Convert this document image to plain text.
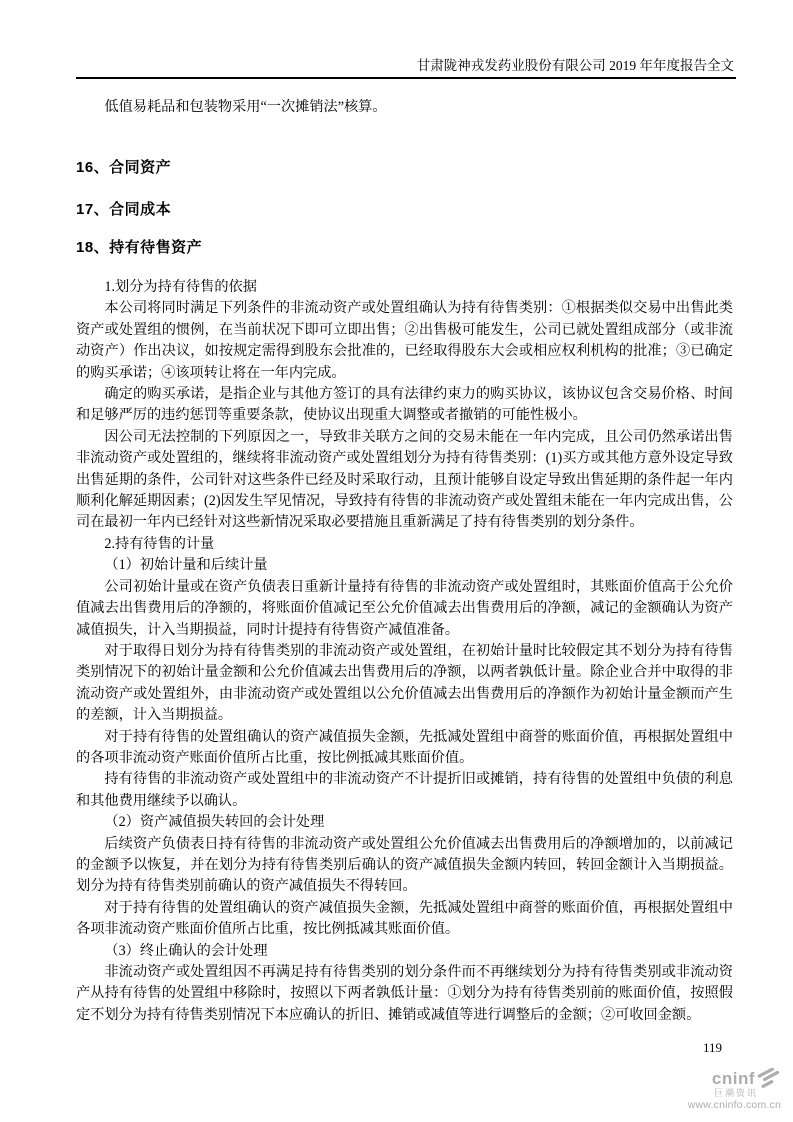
甘肃陇神戎发药业股份有限公司 2019 年年度报告全文

低值易耗品和包装物采用“一次摊销法”核算。

16、合同资产
17、合同成本
18、持有待售资产

1.划分为持有待售的依据

本公司将同时满足下列条件的非流动资产或处置组确认为持有待售类别：①根据类似交易中出售此类资产或处置组的惯例，在当前状况下即可立即出售；②出售极可能发生，公司已就处置组成部分（或非流动资产）作出决议，如按规定需得到股东会批准的，已经取得股东大会或相应权利机构的批准；③已确定的购买承诺；④该项转让将在一年内完成。

确定的购买承诺，是指企业与其他方签订的具有法律约束力的购买协议，该协议包含交易价格、时间和足够严厉的违约惩罚等重要条款，使协议出现重大调整或者撤销的可能性极小。

因公司无法控制的下列原因之一，导致非关联方之间的交易未能在一年内完成，且公司仍然承诺出售非流动资产或处置组的，继续将非流动资产或处置组划分为持有待售类别：(1)买方或其他方意外设定导致出售延期的条件，公司针对这些条件已经及时采取行动，且预计能够自设定导致出售延期的条件起一年内顺利化解延期因素；(2)因发生罕见情况，导致持有待售的非流动资产或处置组未能在一年内完成出售，公司在最初一年内已经针对这些新情况采取必要措施且重新满足了持有待售类别的划分条件。

2.持有待售的计量

（1）初始计量和后续计量

公司初始计量或在资产负债表日重新计量持有待售的非流动资产或处置组时，其账面价值高于公允价值减去出售费用后的净额的，将账面价值减记至公允价值减去出售费用后的净额，减记的金额确认为资产减值损失，计入当期损益，同时计提持有待售资产减值准备。

对于取得日划分为持有待售类别的非流动资产或处置组，在初始计量时比较假定其不划分为持有待售类别情况下的初始计量金额和公允价值减去出售费用后的净额，以两者孰低计量。除企业合并中取得的非流动资产或处置组外，由非流动资产或处置组以公允价值减去出售费用后的净额作为初始计量金额而产生的差额，计入当期损益。

对于持有待售的处置组确认的资产减值损失金额，先抵减处置组中商誉的账面价值，再根据处置组中的各项非流动资产账面价值所占比重，按比例抵减其账面价值。

持有待售的非流动资产或处置组中的非流动资产不计提折旧或摊销，持有待售的处置组中负债的利息和其他费用继续予以确认。

（2）资产减值损失转回的会计处理

后续资产负债表日持有待售的非流动资产或处置组公允价值减去出售费用后的净额增加的，以前减记的金额予以恢复，并在划分为持有待售类别后确认的资产减值损失金额内转回，转回金额计入当期损益。划分为持有待售类别前确认的资产减值损失不得转回。

对于持有待售的处置组确认的资产减值损失金额，先抵减处置组中商誉的账面价值，再根据处置组中各项非流动资产账面价值所占比重，按比例抵减其账面价值。

（3）终止确认的会计处理

非流动资产或处置组因不再满足持有待售类别的划分条件而不再继续划分为持有待售类别或非流动资产从持有待售的处置组中移除时，按照以下两者孰低计量：①划分为持有待售类别前的账面价值，按照假定不划分为持有待售类别情况下本应确认的折旧、摊销或减值等进行调整后的金额；②可收回金额。

119
cninf
巨潮资讯
www.cninfo.com.cn
